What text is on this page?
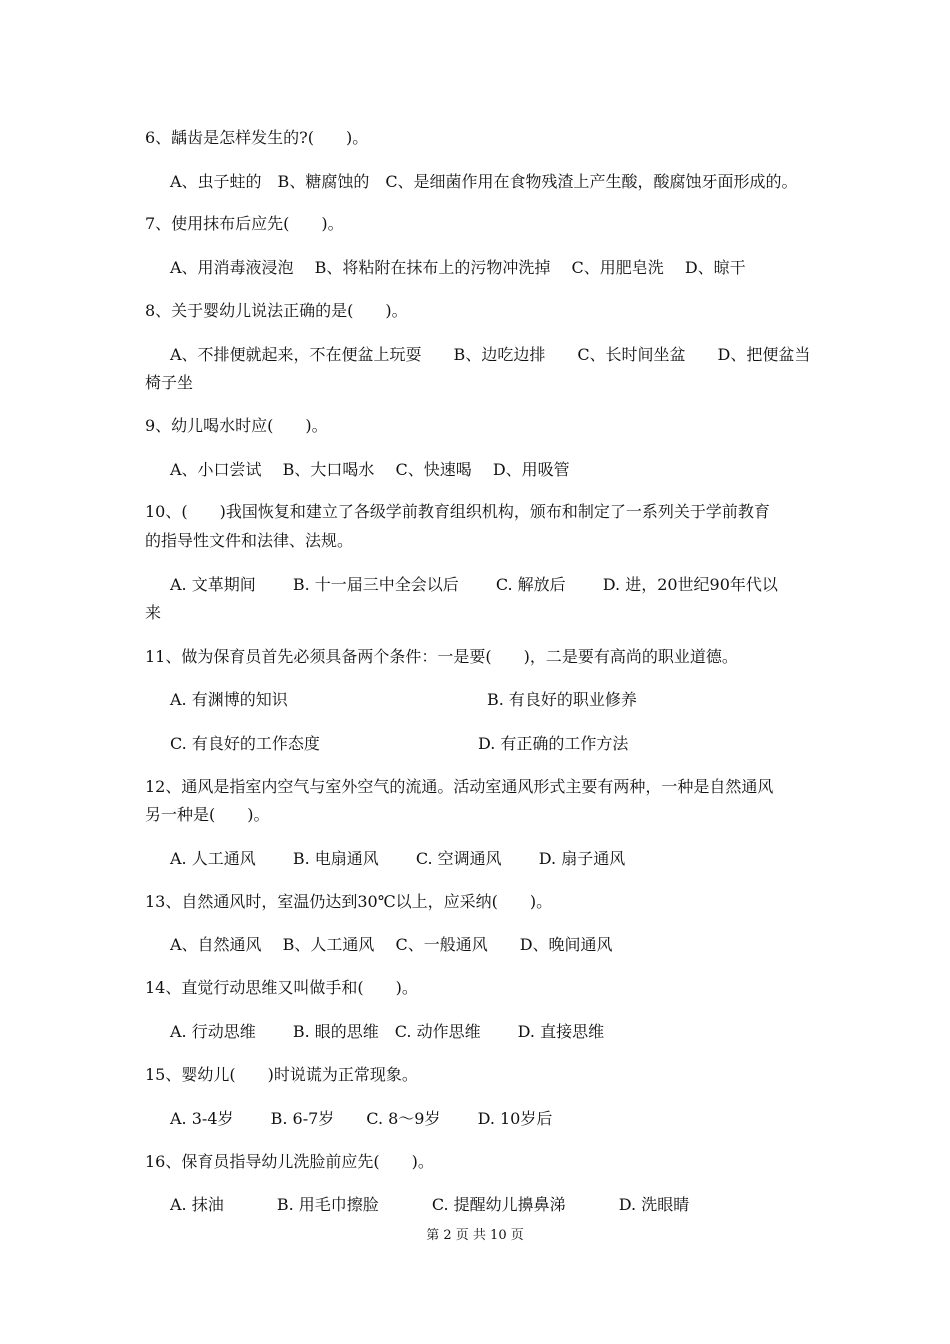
6、龋齿是怎样发生的?(　　)。
A、虫子蛀的　B、糖腐蚀的　C、是细菌作用在食物残渣上产生酸，酸腐蚀牙面形成的。
7、使用抹布后应先(　　)。
A、用消毒液浸泡　 B、将粘附在抹布上的污物冲洗掉　 C、用肥皂洗　 D、晾干
8、关于婴幼儿说法正确的是(　　)。
A、不排便就起来，不在便盆上玩耍　　B、边吃边排　　C、长时间坐盆　　D、把便盆当
椅子坐
9、幼儿喝水时应(　　)。
A、小口尝试　 B、大口喝水　 C、快速喝　 D、用吸管
10、(　　)我国恢复和建立了各级学前教育组织机构，颁布和制定了一系列关于学前教育
的指导性文件和法律、法规。
A. 文革期间　　 B. 十一届三中全会以后　　 C. 解放后　　 D. 进，20世纪90年代以
来
11、做为保育员首先必须具备两个条件：一是要(　　)，二是要有高尚的职业道德。
A. 有渊博的知识	B. 有良好的职业修养
C. 有良好的工作态度	D. 有正确的工作方法
12、通风是指室内空气与室外空气的流通。活动室通风形式主要有两种，一种是自然通风
另一种是(　　)。
A. 人工通风　　 B. 电扇通风　　 C. 空调通风　　 D. 扇子通风
13、自然通风时，室温仍达到30℃以上，应采纳(　　)。
A、自然通风　 B、人工通风　 C、一般通风　　D、晚间通风
14、直觉行动思维又叫做手和(　　)。
A. 行动思维　　 B. 眼的思维　C. 动作思维　　 D. 直接思维
15、婴幼儿(　　)时说谎为正常现象。
A. 3-4岁　　 B. 6-7岁　　C. 8～9岁　　 D. 10岁后
16、保育员指导幼儿洗脸前应先(　　)。
A. 抹油　　　 B. 用毛巾擦脸　　　 C. 提醒幼儿擤鼻涕　　　 D. 洗眼睛
第 2 页 共 10 页
